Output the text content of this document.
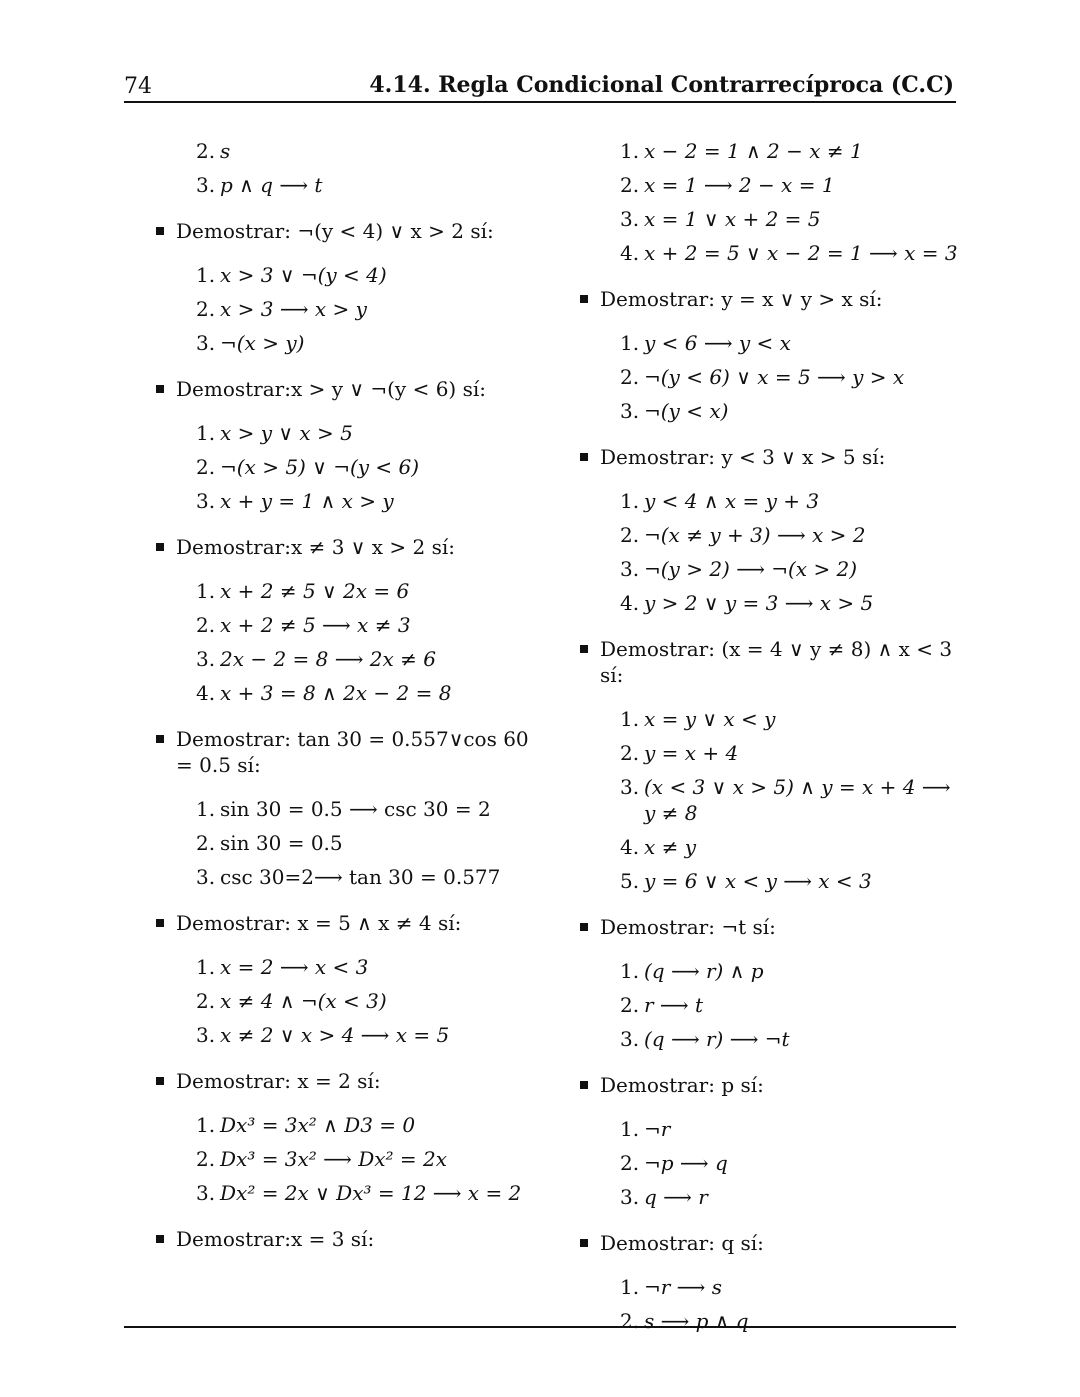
74	4.14. Regla Condicional Contrarrecíproca (C.C)
2. s
3. p ∧ q ⟶ t
Demostrar: ¬(y < 4) ∨ x > 2 sí:
1. x > 3 ∨ ¬(y < 4)
2. x > 3 ⟶ x > y
3. ¬(x > y)
Demostrar:x > y ∨ ¬(y < 6) sí:
1. x > y ∨ x > 5
2. ¬(x > 5) ∨ ¬(y < 6)
3. x + y = 1 ∧ x > y
Demostrar:x ≠ 3 ∨ x > 2 sí:
1. x + 2 ≠ 5 ∨ 2x = 6
2. x + 2 ≠ 5 ⟶ x ≠ 3
3. 2x − 2 = 8 ⟶ 2x ≠ 6
4. x + 3 = 8 ∧ 2x − 2 = 8
Demostrar: tan 30 = 0.557∨cos 60 = 0.5 sí:
1. sin 30 = 0.5 ⟶ csc 30 = 2
2. sin 30 = 0.5
3. csc 30=2⟶ tan 30 = 0.577
Demostrar: x = 5 ∧ x ≠ 4 sí:
1. x = 2 ⟶ x < 3
2. x ≠ 4 ∧ ¬(x < 3)
3. x ≠ 2 ∨ x > 4 ⟶ x = 5
Demostrar: x = 2 sí:
1. Dx³ = 3x² ∧ D3 = 0
2. Dx³ = 3x² ⟶ Dx² = 2x
3. Dx² = 2x ∨ Dx³ = 12 ⟶ x = 2
Demostrar:x = 3 sí:
1. x − 2 = 1 ∧ 2 − x ≠ 1
2. x = 1 ⟶ 2 − x = 1
3. x = 1 ∨ x + 2 = 5
4. x + 2 = 5 ∨ x − 2 = 1 ⟶ x = 3
Demostrar: y = x ∨ y > x sí:
1. y < 6 ⟶ y < x
2. ¬(y < 6) ∨ x = 5 ⟶ y > x
3. ¬(y < x)
Demostrar: y < 3 ∨ x > 5 sí:
1. y < 4 ∧ x = y + 3
2. ¬(x ≠ y + 3) ⟶ x > 2
3. ¬(y > 2) ⟶ ¬(x > 2)
4. y > 2 ∨ y = 3 ⟶ x > 5
Demostrar: (x = 4 ∨ y ≠ 8) ∧ x < 3 sí:
1. x = y ∨ x < y
2. y = x + 4
3. (x < 3 ∨ x > 5) ∧ y = x + 4 ⟶
y ≠ 8
4. x ≠ y
5. y = 6 ∨ x < y ⟶ x < 3
Demostrar: ¬t sí:
1. (q ⟶ r) ∧ p
2. r ⟶ t
3. (q ⟶ r) ⟶ ¬t
Demostrar: p sí:
1. ¬r
2. ¬p ⟶ q
3. q ⟶ r
Demostrar: q sí:
1. ¬r ⟶ s
2. s ⟶ p ∧ q
